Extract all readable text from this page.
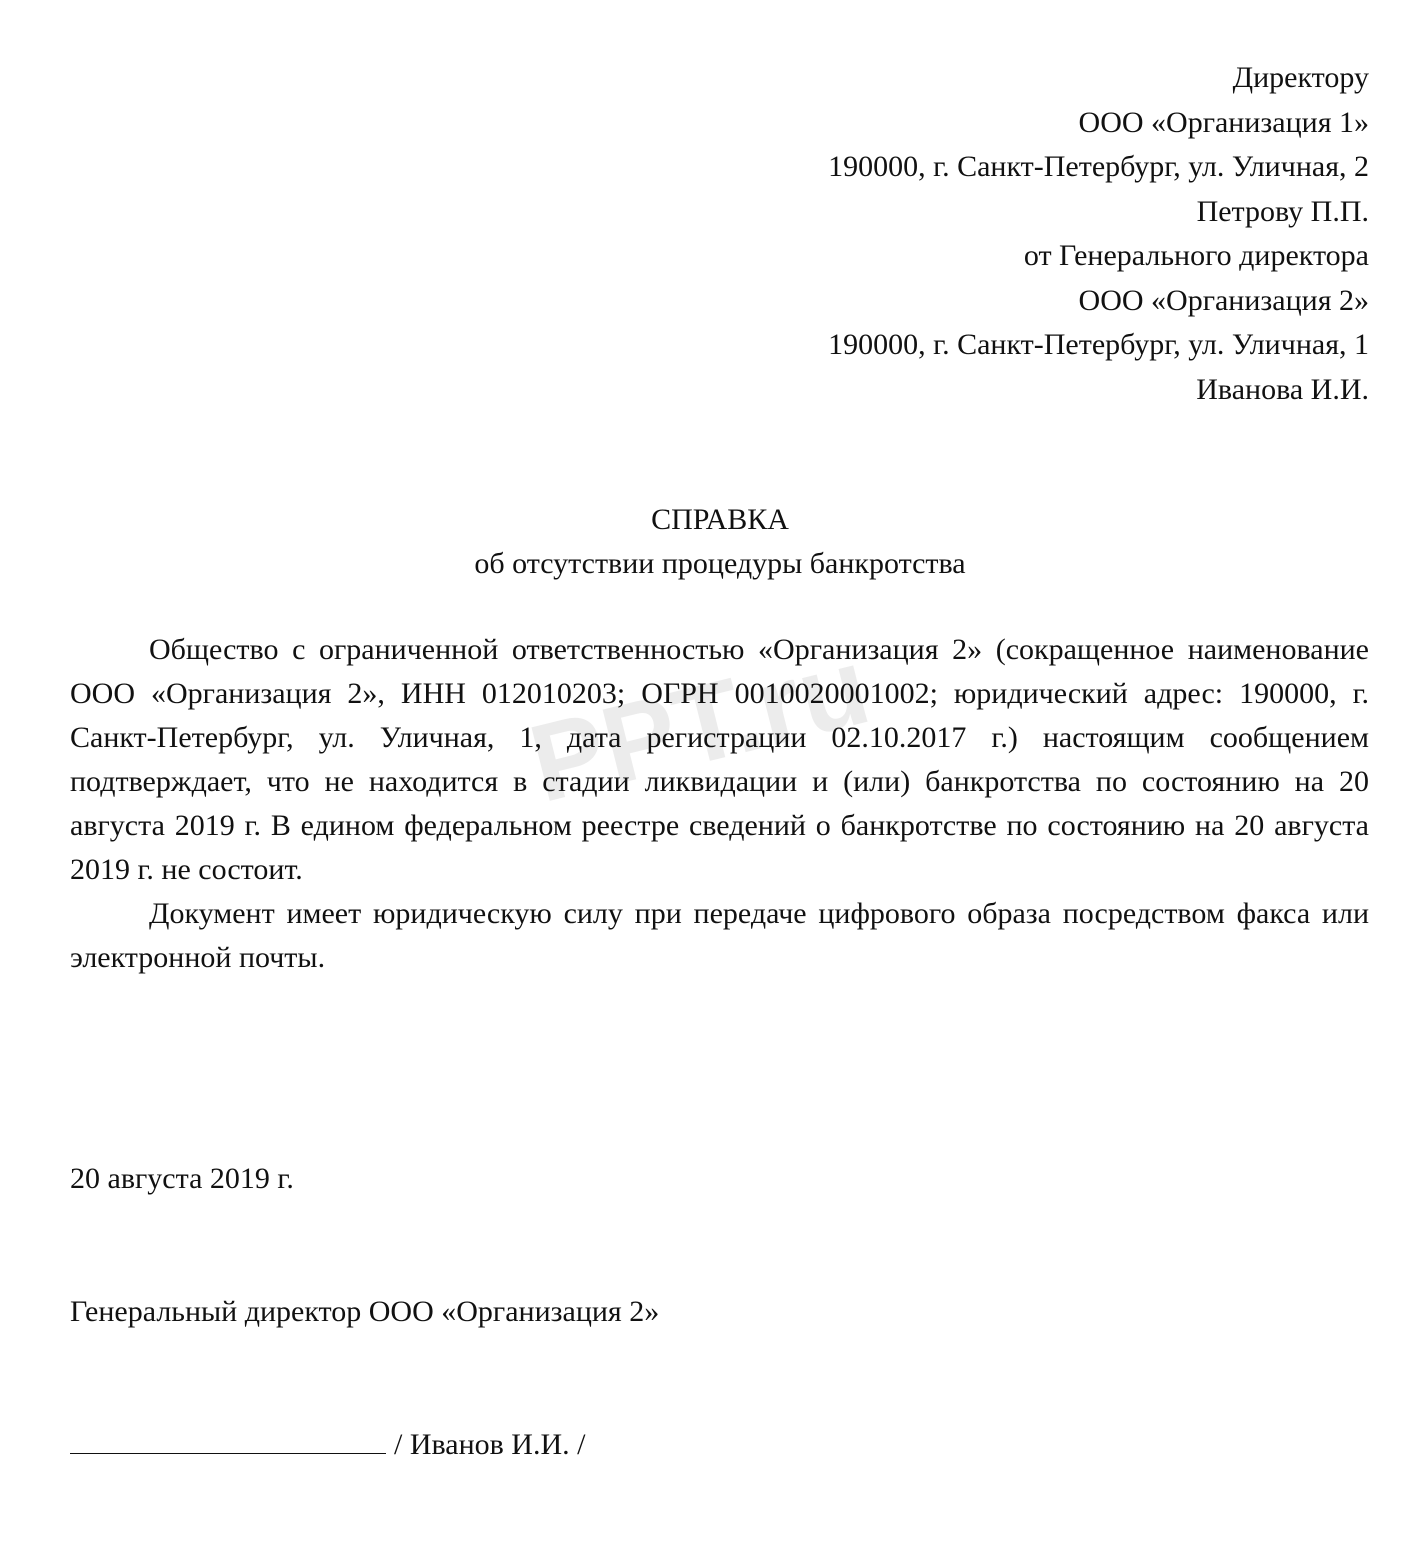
PPT.ru
Директору
ООО «Организация 1»
190000, г. Санкт-Петербург, ул. Уличная, 2
Петрову П.П.
от Генерального директора
ООО «Организация 2»
190000, г. Санкт-Петербург, ул. Уличная, 1
Иванова И.И.
СПРАВКА
об отсутствии процедуры банкротства

Общество с ограниченной ответственностью «Организация 2» (сокращенное наименование ООО «Организация 2», ИНН 012010203; ОГРН 0010020001002; юридический адрес: 190000, г. Санкт-Петербург, ул. Уличная, 1, дата регистрации 02.10.2017 г.) настоящим сообщением подтверждает, что не находится в стадии ликвидации и (или) банкротства по состоянию на 20 августа 2019 г. В едином федеральном реестре сведений о банкротстве по состоянию на 20 августа 2019 г. не состоит.

Документ имеет юридическую силу при передаче цифрового образа посредством факса или электронной почты.

20 августа 2019 г.
Генеральный директор ООО «Организация 2»
/ Иванов И.И. /
